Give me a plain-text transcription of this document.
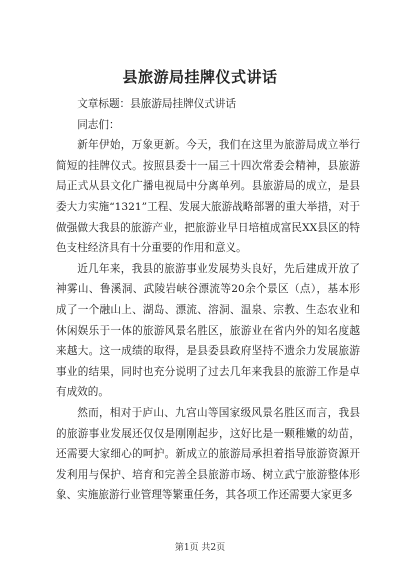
县旅游局挂牌仪式讲话

文章标题：县旅游局挂牌仪式讲话

同志们：

新年伊始，万象更新。今天，我们在这里为旅游局成立举行简短的挂牌仪式。按照县委十一届三十四次常委会精神，县旅游局正式从县文化广播电视局中分离单列。县旅游局的成立，是县委大力实施“1321”工程、发展大旅游战略部署的重大举措，对于做强做大我县的旅游产业，把旅游业早日培植成富民XX县区的特色支柱经济具有十分重要的作用和意义。

近几年来，我县的旅游事业发展势头良好，先后建成开放了神雾山、鲁溪洞、武陵岩峡谷漂流等20余个景区（点），基本形成了一个融山上、湖岛、漂流、溶洞、温泉、宗教、生态农业和休闲娱乐于一体的旅游风景名胜区，旅游业在省内外的知名度越来越大。这一成绩的取得，是县委县政府坚持不遗余力发展旅游事业的结果，同时也充分说明了过去几年来我县的旅游工作是卓有成效的。

然而，相对于庐山、九宫山等国家级风景名胜区而言，我县的旅游事业发展还仅仅是刚刚起步，这好比是一颗稚嫩的幼苗，还需要大家细心的呵护。新成立的旅游局承担着指导旅游资源开发利用与保护、培育和完善全县旅游市场、树立武宁旅游整体形象、实施旅游行业管理等繁重任务，其各项工作还需要大家更多

第1页 共2页
